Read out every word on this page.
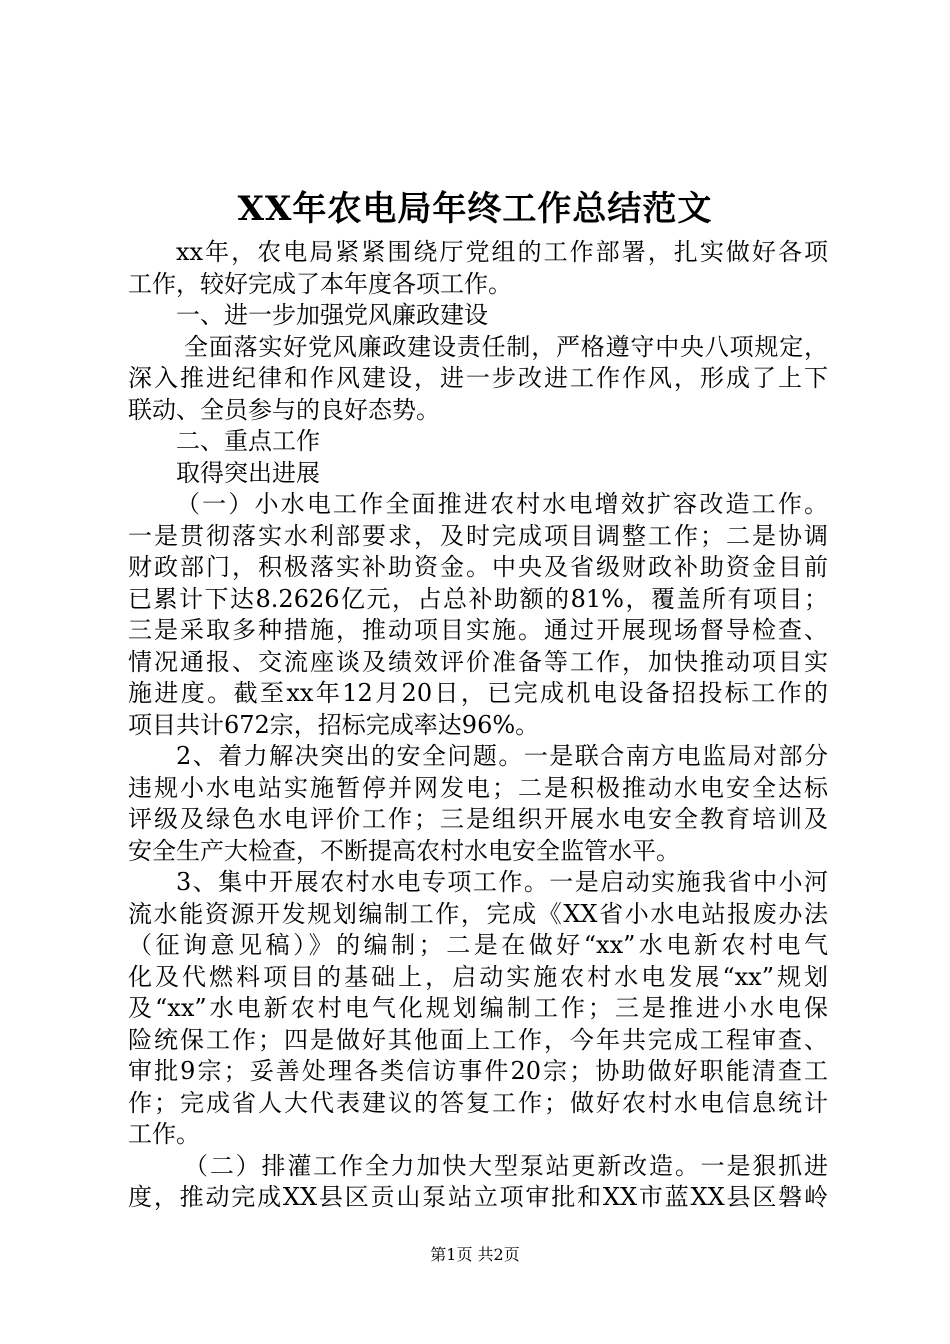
XX年农电局年终工作总结范文
xx年，农电局紧紧围绕厅党组的工作部署，扎实做好各项
工作，较好完成了本年度各项工作。
一、进一步加强党风廉政建设
全面落实好党风廉政建设责任制，严格遵守中央八项规定，
深入推进纪律和作风建设，进一步改进工作作风，形成了上下
联动、全员参与的良好态势。
二、重点工作
取得突出进展
（一）小水电工作全面推进农村水电增效扩容改造工作。
一是贯彻落实水利部要求，及时完成项目调整工作；二是协调
财政部门，积极落实补助资金。中央及省级财政补助资金目前
已累计下达8.2626亿元，占总补助额的81%，覆盖所有项目；
三是采取多种措施，推动项目实施。通过开展现场督导检查、
情况通报、交流座谈及绩效评价准备等工作，加快推动项目实
施进度。截至xx年12月20日，已完成机电设备招投标工作的
项目共计672宗，招标完成率达96%。
2、着力解决突出的安全问题。一是联合南方电监局对部分
违规小水电站实施暂停并网发电；二是积极推动水电安全达标
评级及绿色水电评价工作；三是组织开展水电安全教育培训及
安全生产大检查，不断提高农村水电安全监管水平。
3、集中开展农村水电专项工作。一是启动实施我省中小河
流水能资源开发规划编制工作，完成《XX省小水电站报废办法
（征询意见稿）》的编制；二是在做好“xx”水电新农村电气
化及代燃料项目的基础上，启动实施农村水电发展“xx”规划
及“xx”水电新农村电气化规划编制工作；三是推进小水电保
险统保工作；四是做好其他面上工作，今年共完成工程审查、
审批9宗；妥善处理各类信访事件20宗；协助做好职能清查工
作；完成省人大代表建议的答复工作；做好农村水电信息统计
工作。
（二）排灌工作全力加快大型泵站更新改造。一是狠抓进
度，推动完成XX县区贡山泵站立项审批和XX市蓝XX县区磐岭
第1页 共2页
